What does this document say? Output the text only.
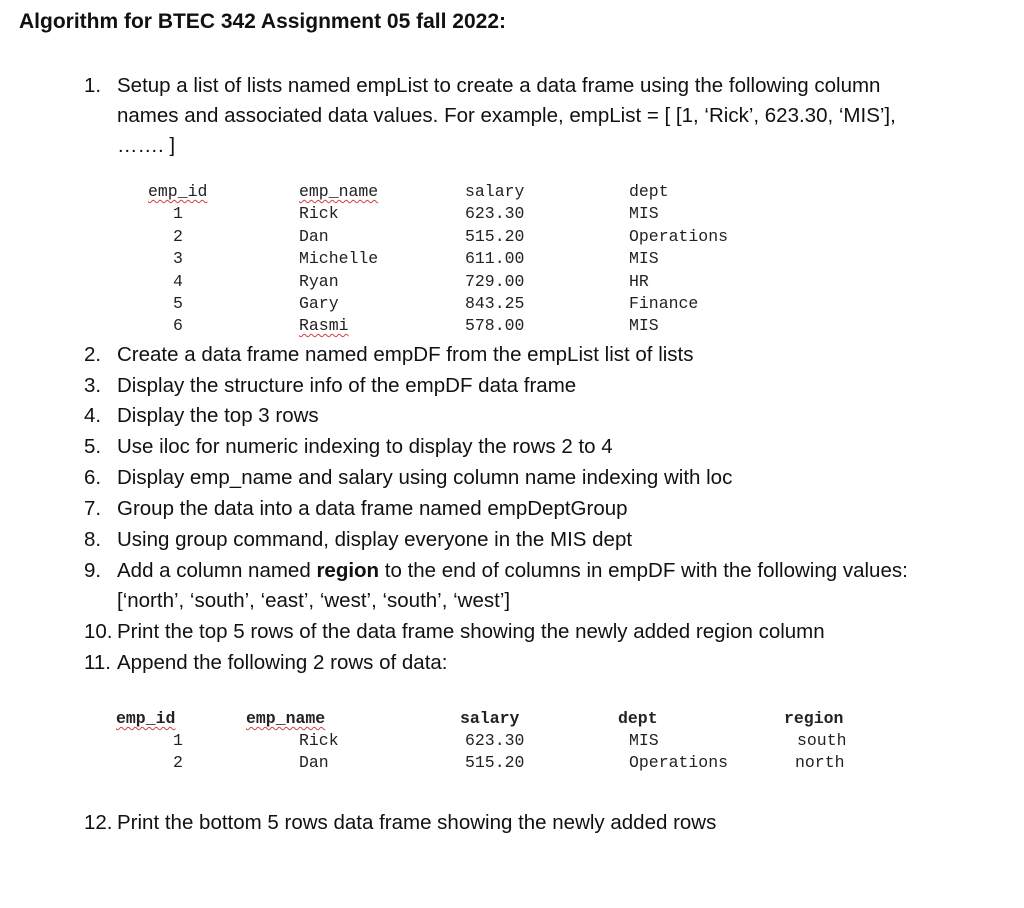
Algorithm for BTEC 342 Assignment 05 fall 2022:
1. Setup a list of lists named empList to create a data frame using the following column
names and associated data values. For example, empList = [ [1, ‘Rick’, 623.30, ‘MIS’],
……. ]
emp_id	emp_name	salary	dept
1	Rick	623.30	MIS
2	Dan	515.20	Operations
3	Michelle	611.00	MIS
4	Ryan	729.00	HR
5	Gary	843.25	Finance
6	Rasmi	578.00	MIS
2. Create a data frame named empDF from the empList list of lists
3. Display the structure info of the empDF data frame
4. Display the top 3 rows
5. Use iloc for numeric indexing to display the rows 2 to 4
6. Display emp_name and salary using column name indexing with loc
7. Group the data into a data frame named empDeptGroup
8. Using group command, display everyone in the MIS dept
9. Add a column named region to the end of columns in empDF with the following values:
[‘north’, ‘south’, ‘east’, ‘west’, ‘south’, ‘west’]
10. Print the top 5 rows of the data frame showing the newly added region column
11. Append the following 2 rows of data:
emp_id	emp_name	salary	dept	region
1	Rick	623.30	MIS	south
2	Dan	515.20	Operations	north
12. Print the bottom 5 rows data frame showing the newly added rows
